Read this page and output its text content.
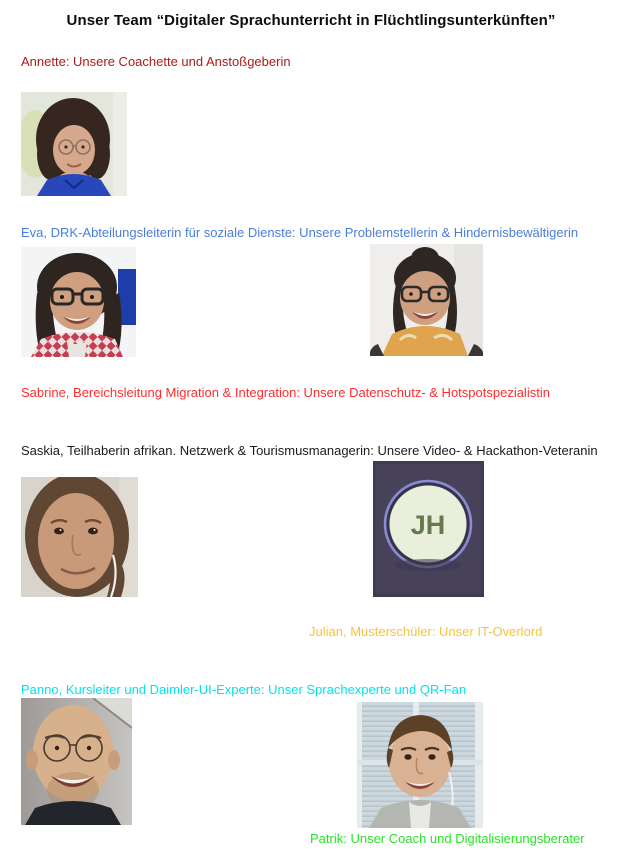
Unser Team “Digitaler Sprachunterricht in Flüchtlingsunterkünften”
Annette: Unsere Coachette und Anstoßgeberin
Eva, DRK-Abteilungsleiterin für soziale Dienste: Unsere Problemstellerin & Hindernisbewältigerin
Sabrine, Bereichsleitung Migration & Integration: Unsere Datenschutz- & Hotspotspezialistin
Saskia, Teilhaberin afrikan. Netzwerk & Tourismusmanagerin: Unsere Video- & Hackathon-Veteranin
JH
Julian, Musterschüler: Unser IT-Overlord
Panno, Kursleiter und Daimler-UI-Experte: Unser Sprachexperte und QR-Fan
Patrik: Unser Coach und Digitalisierungsberater
